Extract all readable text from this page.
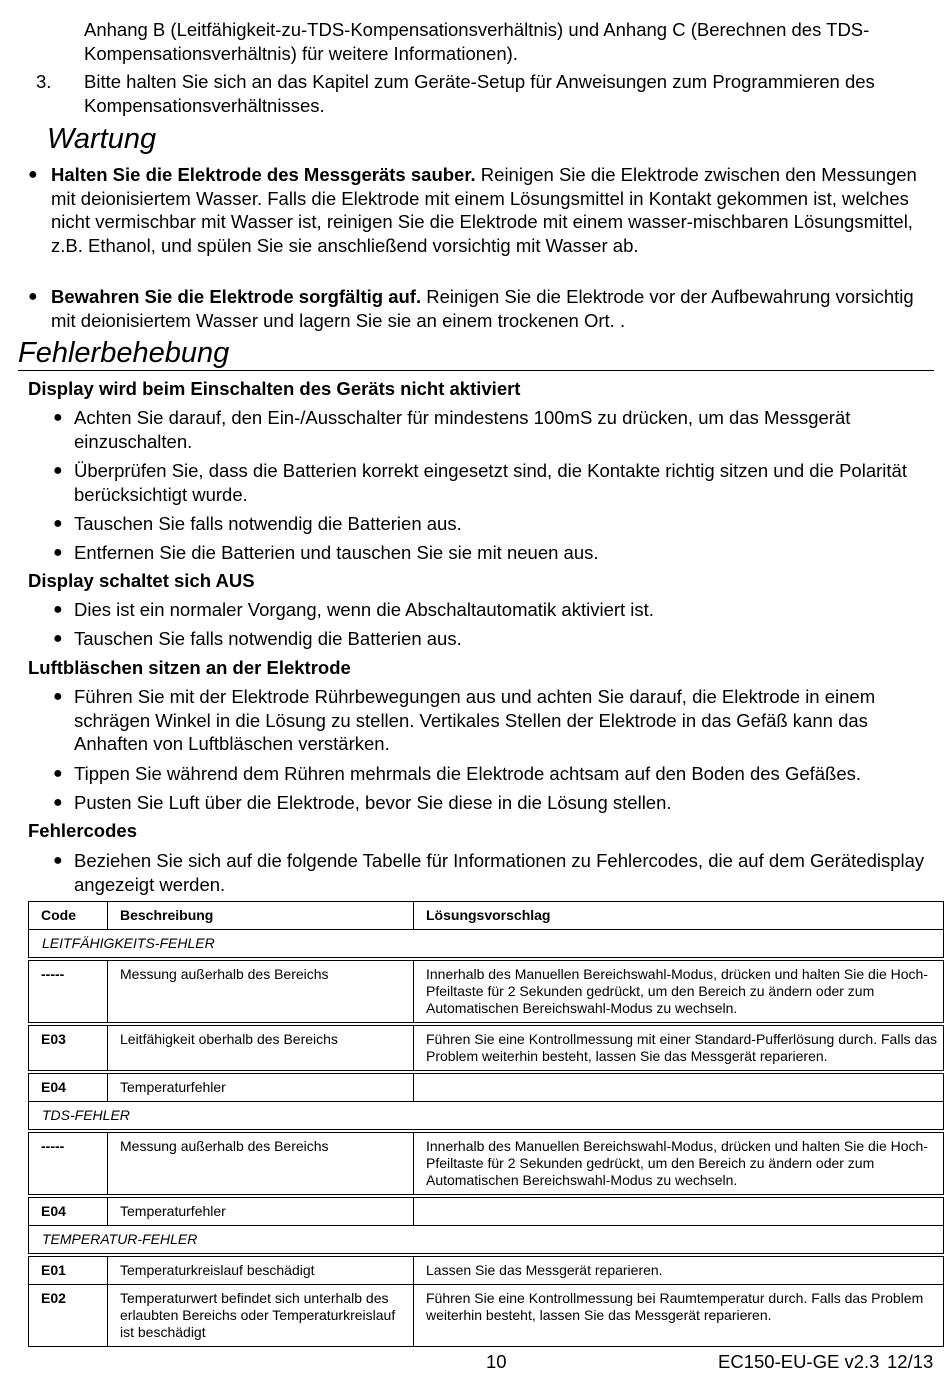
Anhang B (Leitfähigkeit-zu-TDS-Kompensationsverhältnis) und Anhang C (Berechnen des TDS-Kompensationsverhältnis) für weitere Informationen).
3. Bitte halten Sie sich an das Kapitel zum Geräte-Setup für Anweisungen zum Programmieren des Kompensationsverhältnisses.
Wartung
● Halten Sie die Elektrode des Messgeräts sauber. Reinigen Sie die Elektrode zwischen den Messungen mit deionisiertem Wasser. Falls die Elektrode mit einem Lösungsmittel in Kontakt gekommen ist, welches nicht vermischbar mit Wasser ist, reinigen Sie die Elektrode mit einem wasser-mischbaren Lösungsmittel, z.B. Ethanol, und spülen Sie sie anschließend vorsichtig mit Wasser ab.
● Bewahren Sie die Elektrode sorgfältig auf. Reinigen Sie die Elektrode vor der Aufbewahrung vorsichtig mit deionisiertem Wasser und lagern Sie sie an einem trockenen Ort. .
Fehlerbehebung
Display wird beim Einschalten des Geräts nicht aktiviert
● Achten Sie darauf, den Ein-/Ausschalter für mindestens 100mS zu drücken, um das Messgerät einzuschalten.
● Überprüfen Sie, dass die Batterien korrekt eingesetzt sind, die Kontakte richtig sitzen und die Polarität berücksichtigt wurde.
● Tauschen Sie falls notwendig die Batterien aus.
● Entfernen Sie die Batterien und tauschen Sie sie mit neuen aus.
Display schaltet sich AUS
● Dies ist ein normaler Vorgang, wenn die Abschaltautomatik aktiviert ist.
● Tauschen Sie falls notwendig die Batterien aus.
Luftbläschen sitzen an der Elektrode
● Führen Sie mit der Elektrode Rührbewegungen aus und achten Sie darauf, die Elektrode in einem schrägen Winkel in die Lösung zu stellen. Vertikales Stellen der Elektrode in das Gefäß kann das Anhaften von Luftbläschen verstärken.
● Tippen Sie während dem Rühren mehrmals die Elektrode achtsam auf den Boden des Gefäßes.
● Pusten Sie Luft über die Elektrode, bevor Sie diese in die Lösung stellen.
Fehlercodes
● Beziehen Sie sich auf die folgende Tabelle für Informationen zu Fehlercodes, die auf dem Gerätedisplay angezeigt werden.
Code	Beschreibung	Lösungsvorschlag
LEITFÄHIGKEITS-FEHLER		

-----	Messung außerhalb des Bereichs	Innerhalb des Manuellen Bereichswahl-Modus, drücken und halten Sie die Hoch-Pfeiltaste für 2 Sekunden gedrückt, um den Bereich zu ändern oder zum Automatischen Bereichswahl-Modus zu wechseln.

E03	Leitfähigkeit oberhalb des Bereichs	Führen Sie eine Kontrollmessung mit einer Standard-Pufferlösung durch. Falls das Problem weiterhin besteht, lassen Sie das Messgerät reparieren.

E04	Temperaturfehler	
TDS-FEHLER		

-----	Messung außerhalb des Bereichs	Innerhalb des Manuellen Bereichswahl-Modus, drücken und halten Sie die Hoch-Pfeiltaste für 2 Sekunden gedrückt, um den Bereich zu ändern oder zum Automatischen Bereichswahl-Modus zu wechseln.

E04	Temperaturfehler	
TEMPERATUR-FEHLER		

E01	Temperaturkreislauf beschädigt	Lassen Sie das Messgerät reparieren.
E02	Temperaturwert befindet sich unterhalb des erlaubten Bereichs oder Temperaturkreislauf ist beschädigt	Führen Sie eine Kontrollmessung bei Raumtemperatur durch. Falls das Problem weiterhin besteht, lassen Sie das Messgerät reparieren.
10	EC150-EU-GE v2.3 12/13
